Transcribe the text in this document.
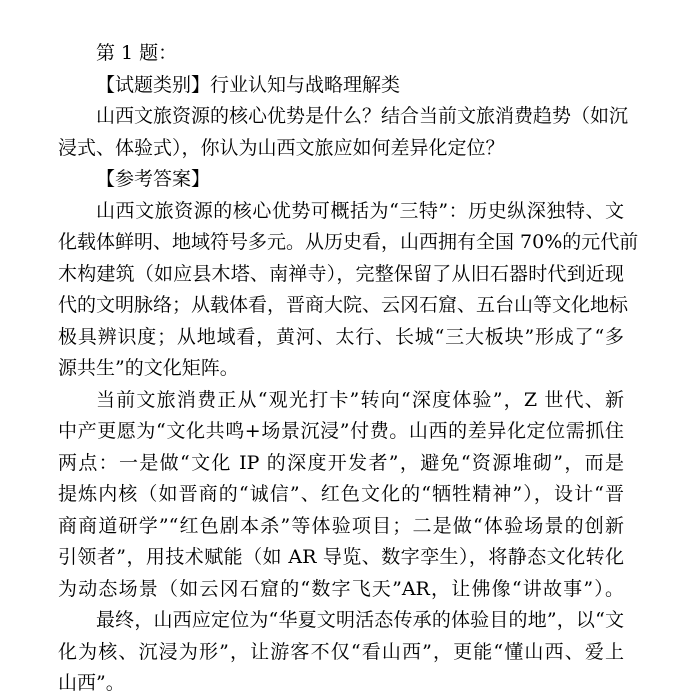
第 1 题：

【试题类别】行业认知与战略理解类

山西文旅资源的核心优势是什么？结合当前文旅消费趋势（如沉

浸式、体验式），你认为山西文旅应如何差异化定位？

【参考答案】

山西文旅资源的核心优势可概括为“三特”：历史纵深独特、文

化载体鲜明、地域符号多元。从历史看，山西拥有全国 70%的元代前

木构建筑（如应县木塔、南禅寺），完整保留了从旧石器时代到近现

代的文明脉络；从载体看，晋商大院、云冈石窟、五台山等文化地标

极具辨识度；从地域看，黄河、太行、长城“三大板块”形成了“多

源共生”的文化矩阵。

当前文旅消费正从“观光打卡”转向“深度体验”，Z 世代、新

中产更愿为“文化共鸣+场景沉浸”付费。山西的差异化定位需抓住

两点：一是做“文化 IP 的深度开发者”，避免“资源堆砌”，而是

提炼内核（如晋商的“诚信”、红色文化的“牺牲精神”），设计“晋

商商道研学”“红色剧本杀”等体验项目；二是做“体验场景的创新

引领者”，用技术赋能（如 AR 导览、数字孪生），将静态文化转化

为动态场景（如云冈石窟的“数字飞天”AR，让佛像“讲故事”）。

最终，山西应定位为“华夏文明活态传承的体验目的地”，以“文

化为核、沉浸为形”，让游客不仅“看山西”，更能“懂山西、爱上

山西”。
